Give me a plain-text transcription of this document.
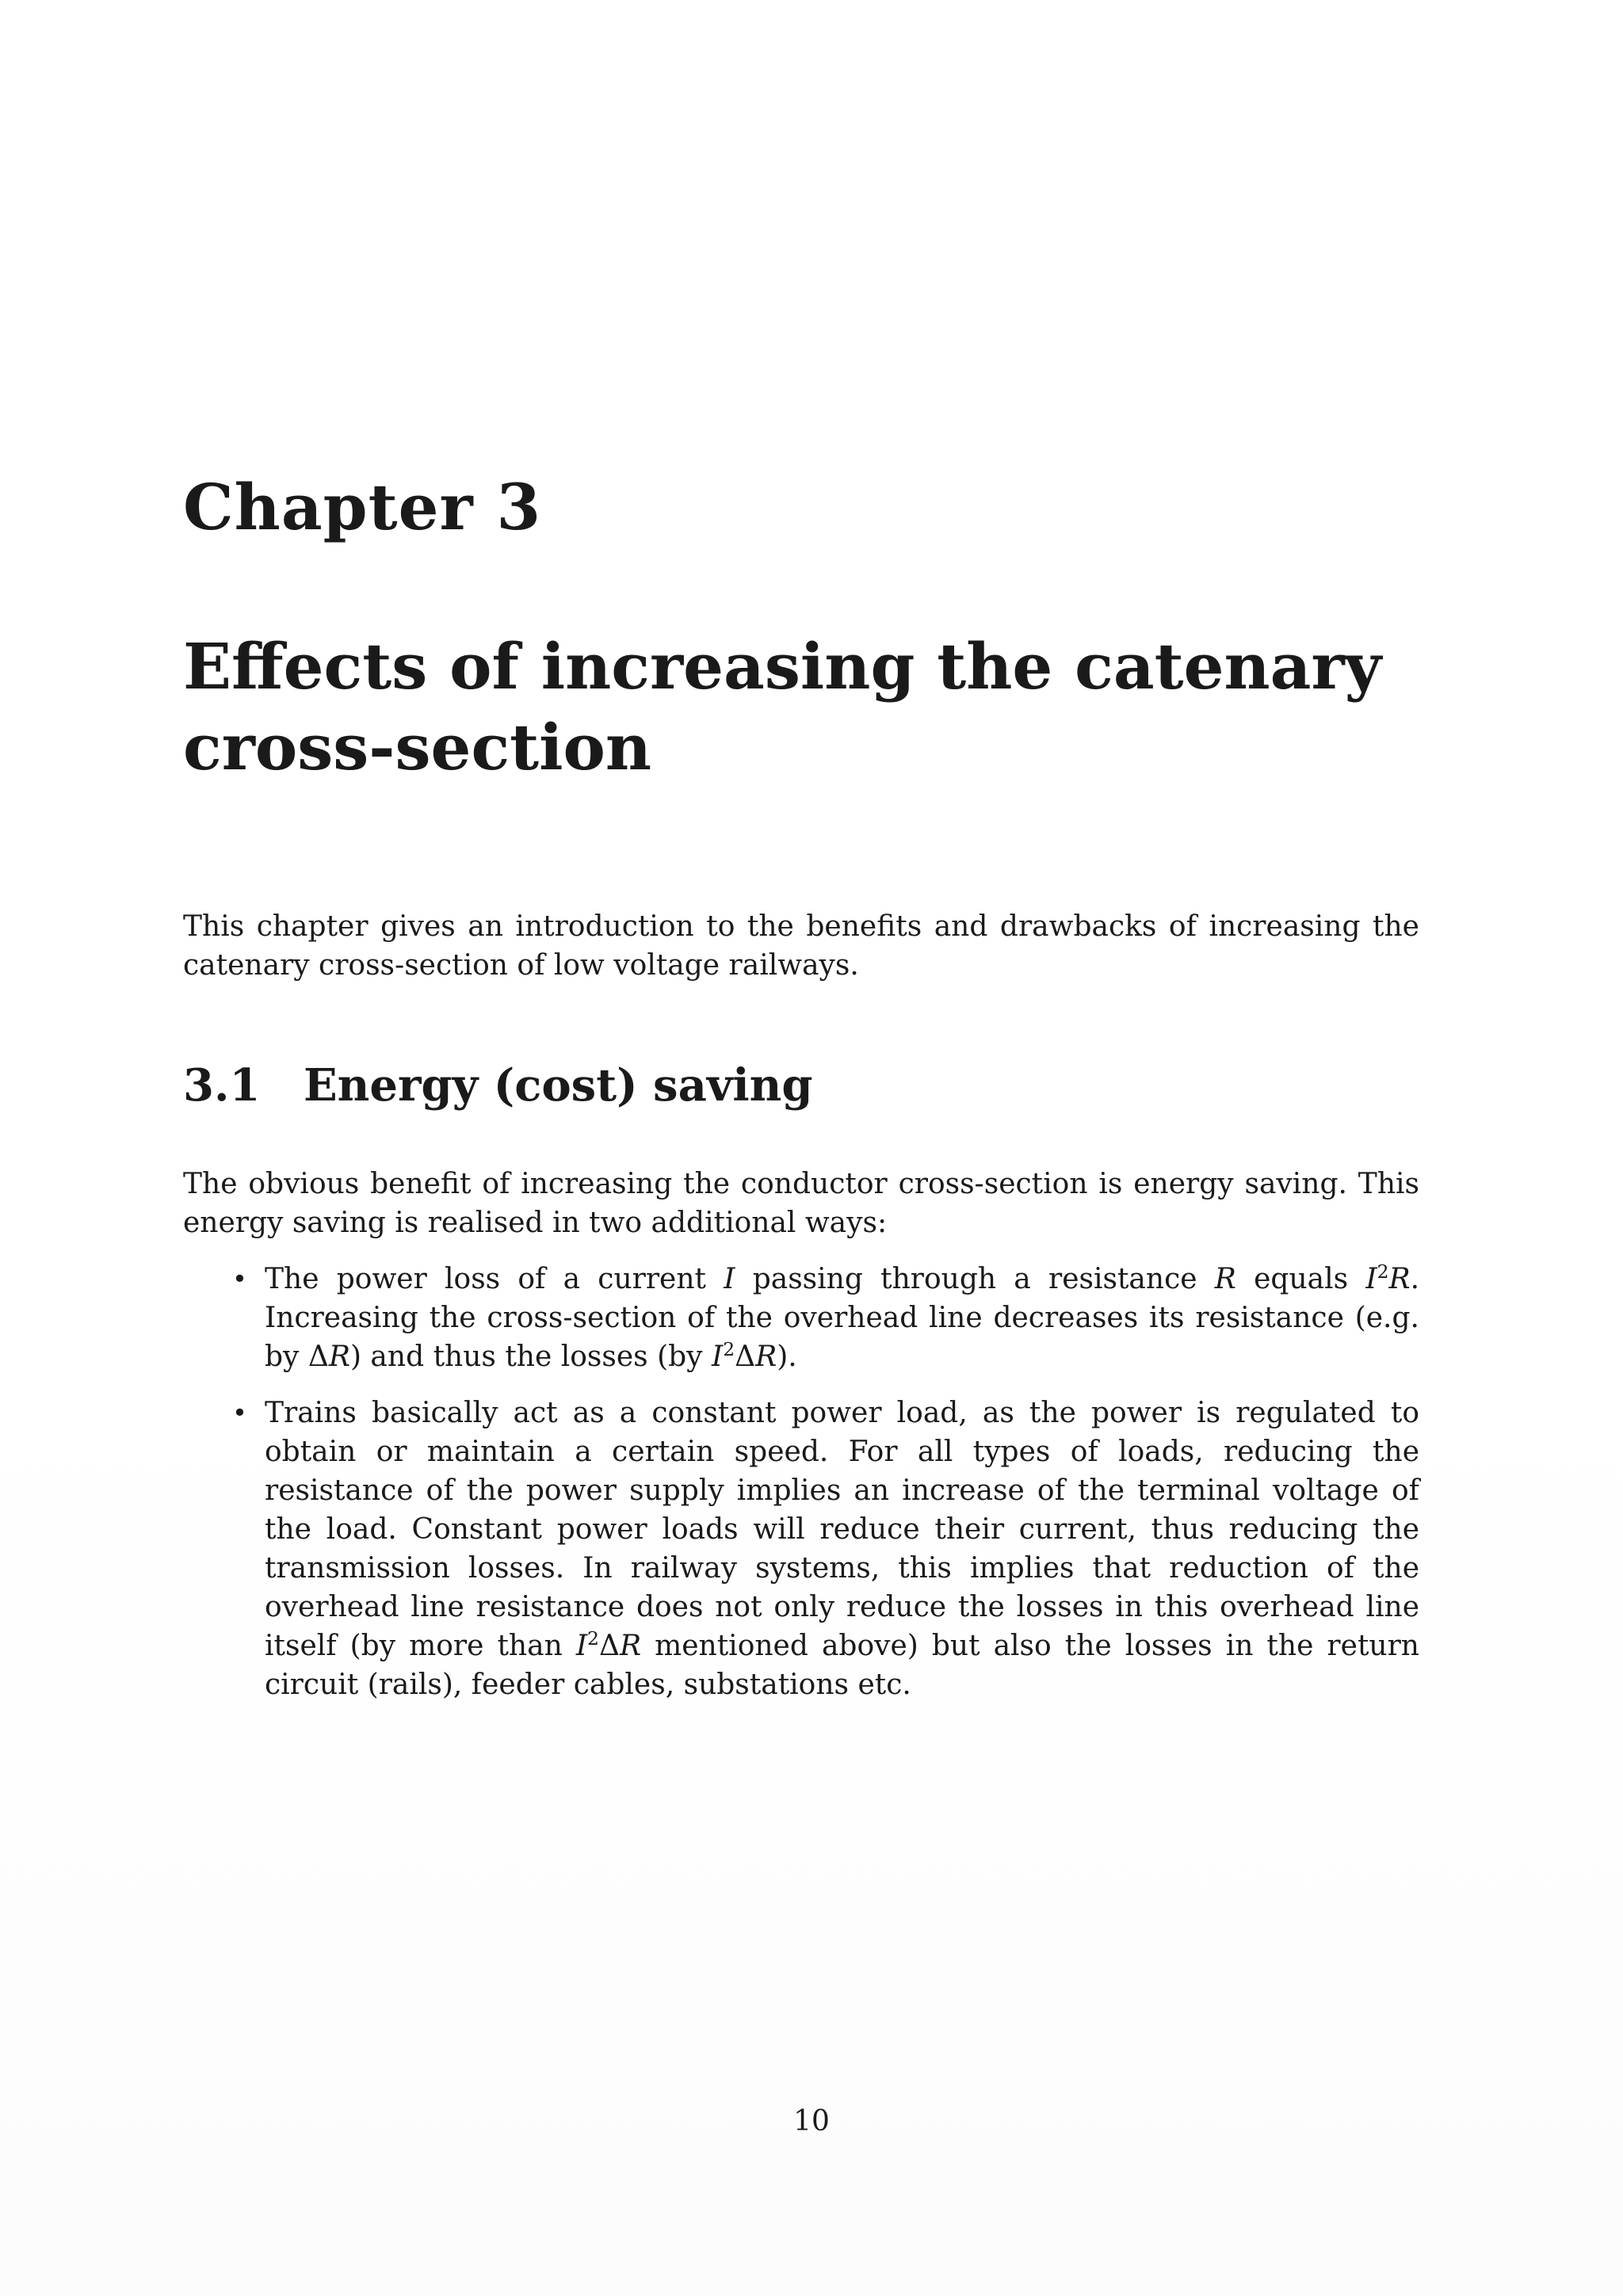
Chapter 3
Effects of increasing the catenary cross-section
This chapter gives an introduction to the benefits and drawbacks of increasing the catenary cross-section of low voltage railways.
3.1 Energy (cost) saving

The obvious benefit of increasing the conductor cross-section is energy saving. This energy saving is realised in two additional ways:

• The power loss of a current I passing through a resistance R equals $I^2R$. Increasing the cross-section of the overhead line decreases its resistance (e.g. by ΔR) and thus the losses (by $I^2\Delta R$).
• Trains basically act as a constant power load, as the power is regulated to obtain or maintain a certain speed. For all types of loads, reducing the resistance of the power supply implies an increase of the terminal voltage of the load. Constant power loads will reduce their current, thus reducing the transmission losses. In railway systems, this implies that reduction of the overhead line resistance does not only reduce the losses in this overhead line itself (by more than $I^2\Delta R$ mentioned above) but also the losses in the return circuit (rails), feeder cables, substations etc.
10
